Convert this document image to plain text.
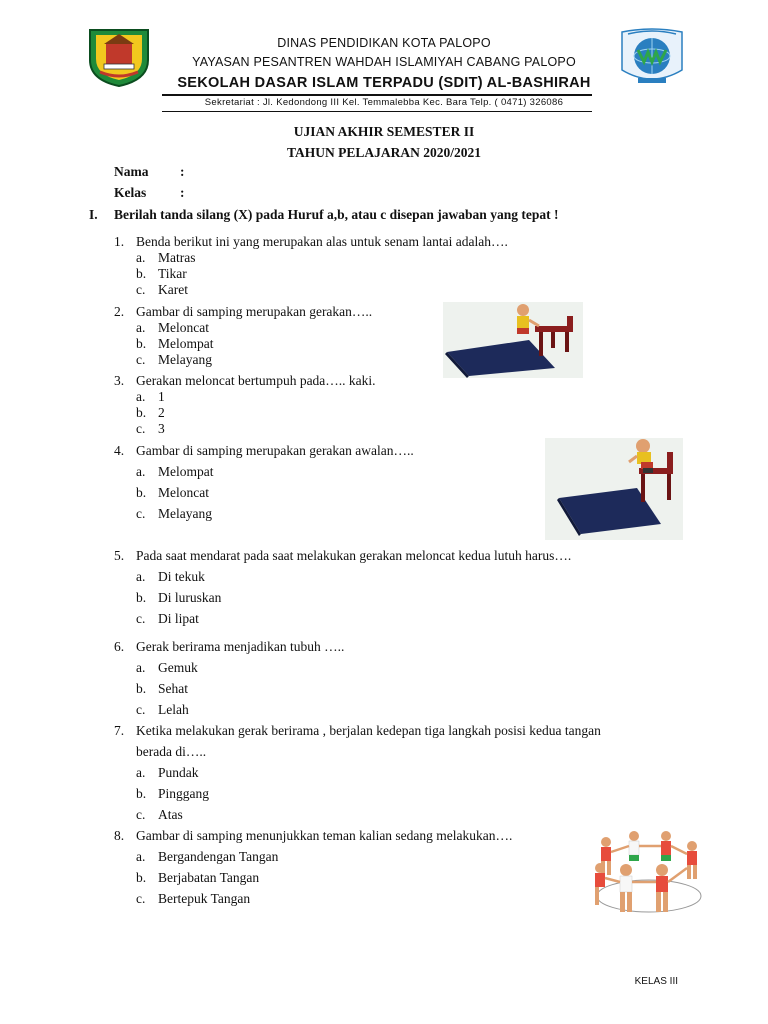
DINAS PENDIDIKAN KOTA PALOPO
YAYASAN PESANTREN WAHDAH ISLAMIYAH CABANG PALOPO
SEKOLAH DASAR ISLAM TERPADU (SDIT) AL-BASHIRAH
Sekretariat : Jl. Kedondong III Kel. Temmalebba Kec. Bara Telp. ( 0471) 326086
UJIAN AKHIR SEMESTER II
TAHUN PELAJARAN 2020/2021
Nama :
Kelas	:
I. Berilah tanda silang (X) pada Huruf a,b, atau c disepan jawaban yang tepat !
1. Benda berikut ini yang merupakan alas untuk senam lantai adalah….
a. Matras
b. Tikar
c. Karet
2. Gambar di samping merupakan gerakan…..
a. Meloncat
b. Melompat
c. Melayang
3. Gerakan meloncat bertumpuh pada….. kaki.
a. 1
b. 2
c. 3
4. Gambar di samping merupakan gerakan awalan…..
a. Melompat
b. Meloncat
c. Melayang
5. Pada saat mendarat pada saat melakukan gerakan meloncat kedua lutuh harus….
a. Di tekuk
b. Di luruskan
c. Di lipat
6. Gerak berirama menjadikan tubuh …..
a. Gemuk
b. Sehat
c. Lelah
7. Ketika melakukan gerak berirama , berjalan kedepan tiga langkah posisi kedua tangan
berada di…..
a. Pundak
b. Pinggang
c. Atas
8. Gambar di samping menunjukkan teman kalian sedang melakukan….
a. Bergandengan Tangan
b. Berjabatan Tangan
c. Bertepuk Tangan
KELAS III
